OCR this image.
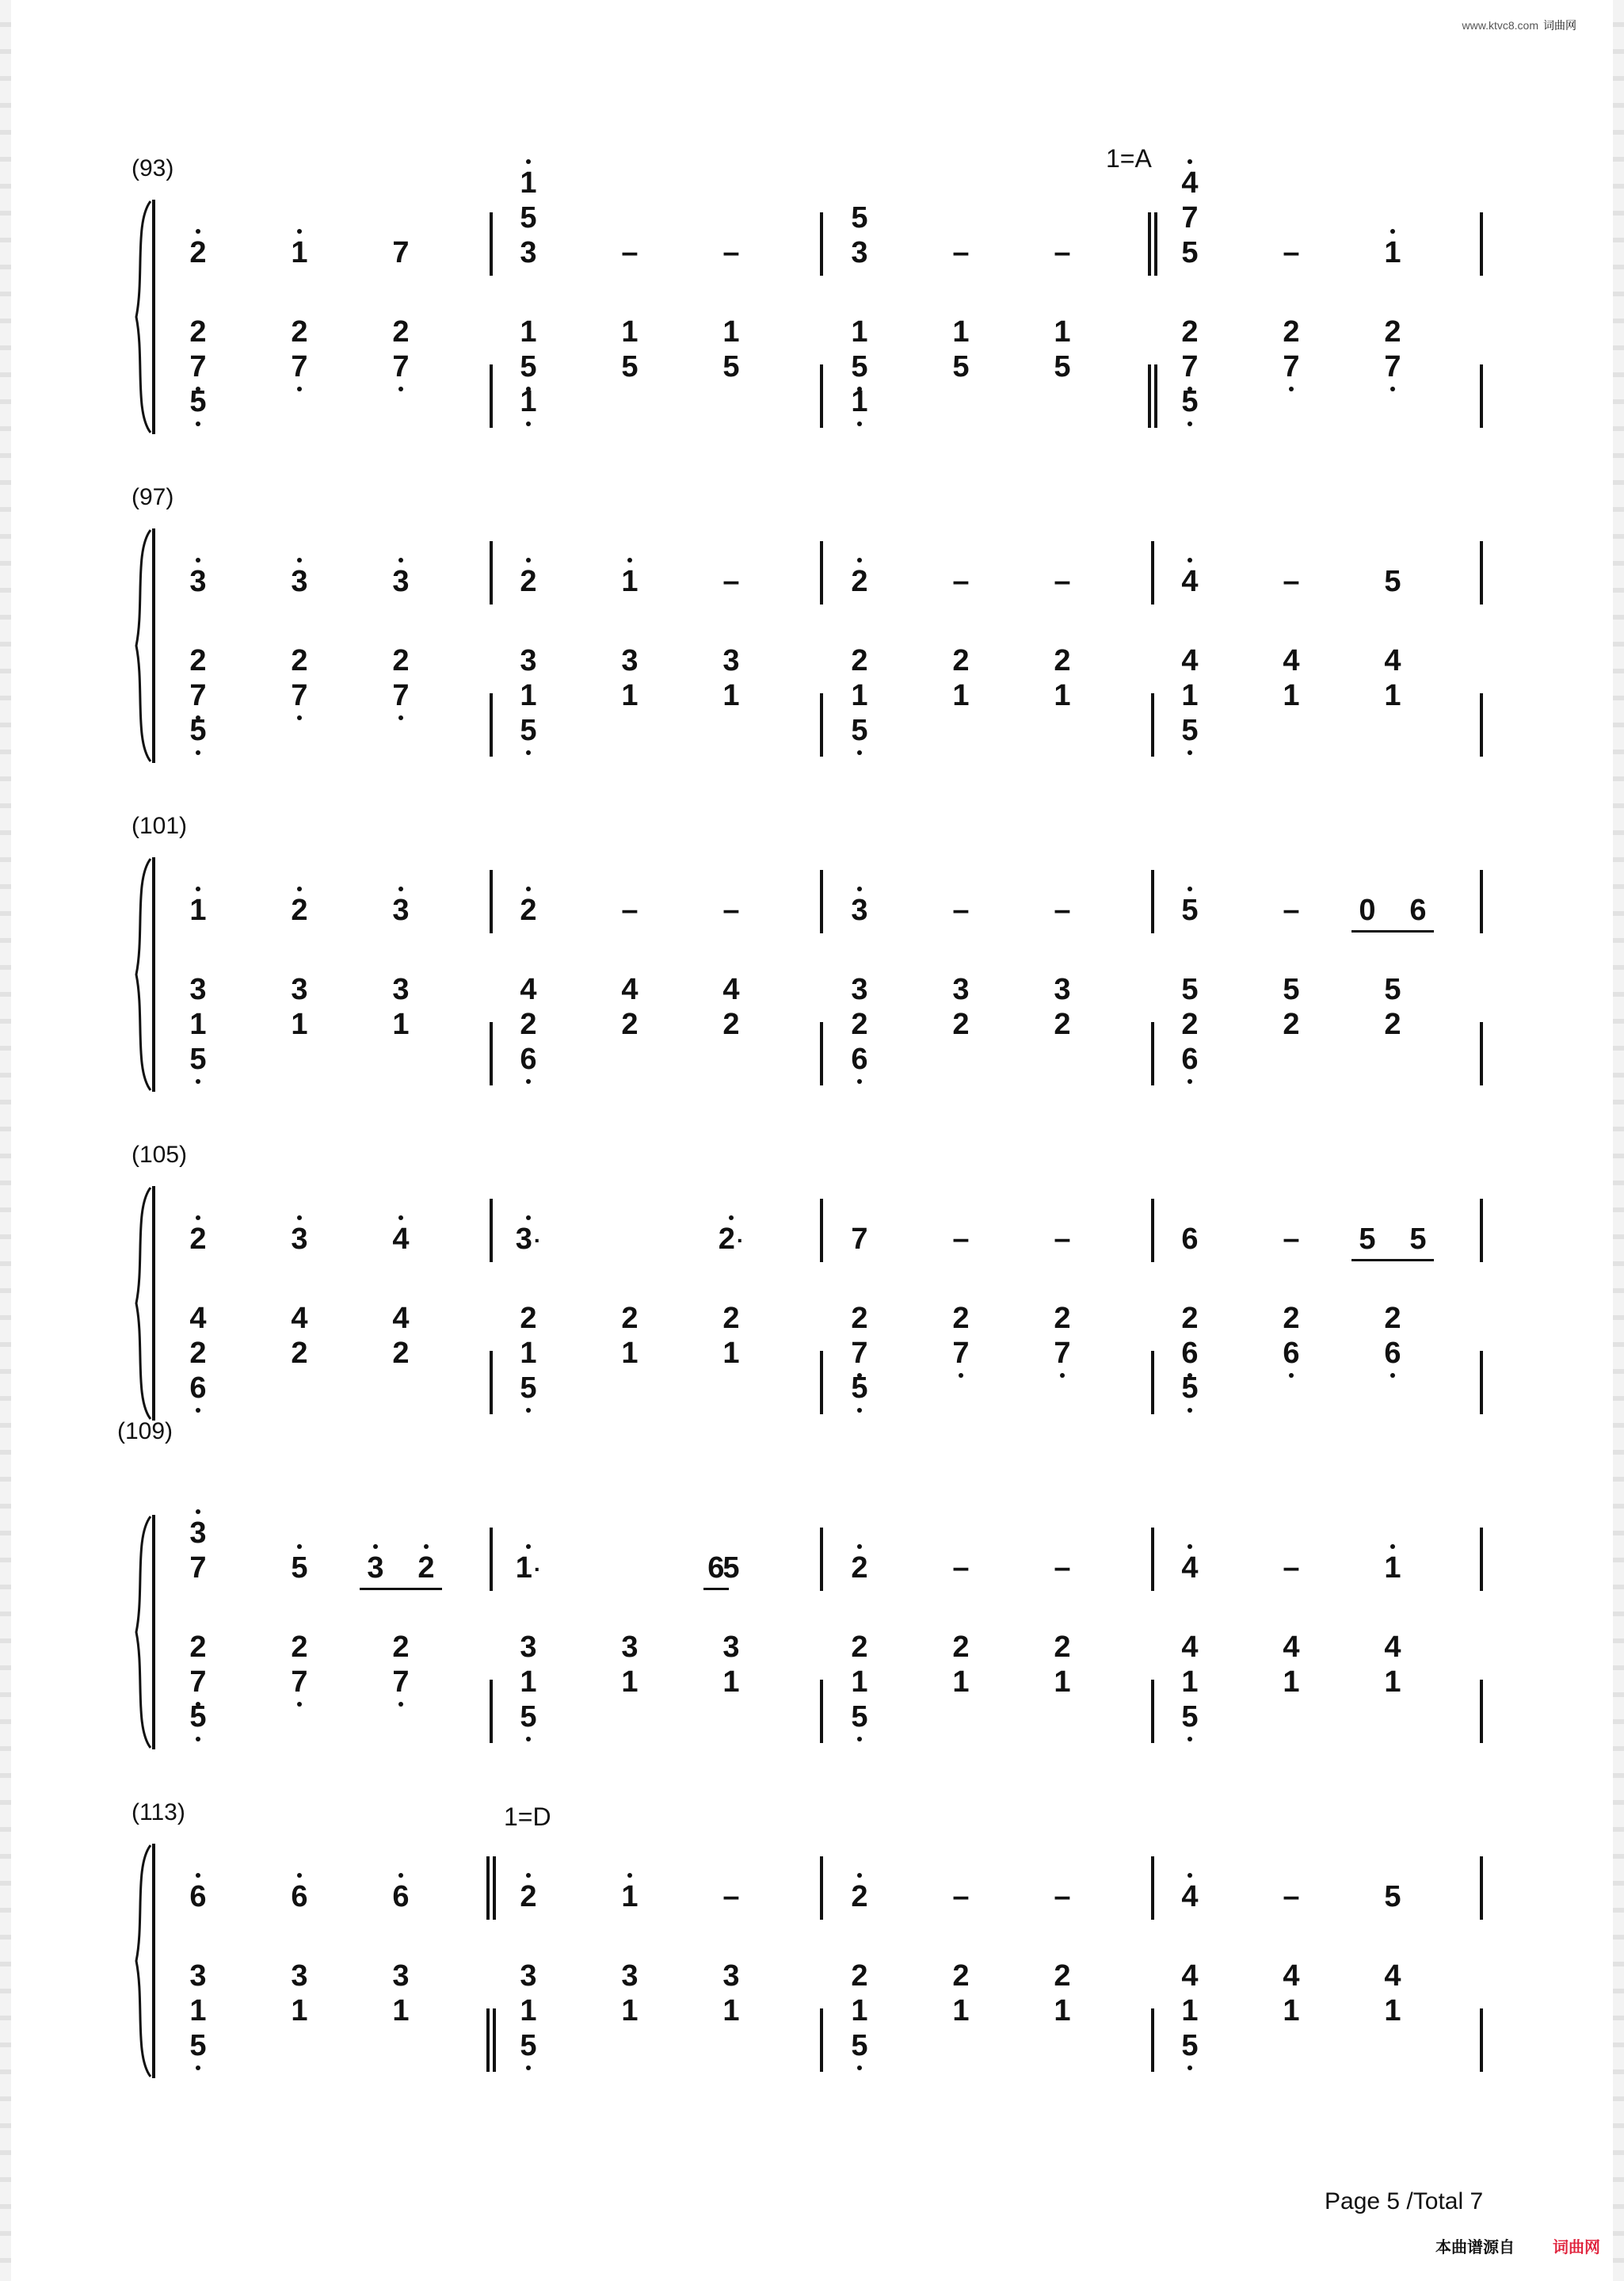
www.ktvc8.com 词曲网
(93)	1=A
2	1	7
1
5
3	–	–
5
3	–	–
4
7
5	–	1
2
7
5
2
7
2
7
1
5
1
1
5
1
5
1
5
1
1
5
1
5
2
7
5
2
7
2
7
(97)
3	3	3	2	1	–	2	–	–	4	–	5
2
7
5
2
7
2
7
3
1
5
3
1
3
1
2
1
5
2
1
2
1
4
1
5
4
1
4
1
(101)
1	2	3	2	–	–	3	–	–	5	–	0	6
3
1
5
3
1
3
1
4
2
6
4
2
4
2
3
2
6
3
2
3
2
5
2
6
5
2
5
2
(105)
2	3	4	3·	2·	7	–	–	6	–	5	5
4
2
6
4
2
4
2
2
1
5
2
1
2
1
2
7
5
2
7
2
7
2
6
5
2
6
2
6
(109)
3
7	5	3	2	1·	6
5	2	–	–	4	–	1
2
7
5
2
7
2
7
3
1
5
3
1
3
1
2
1
5
2
1
2
1
4
1
5
4
1
4
1
(113)	1=D
6	6	6	2	1	–	2	–	–	4	–	5
3
1
5
3
1
3
1
3
1
5
3
1
3
1
2
1
5
2
1
2
1
4
1
5
4
1
4
1
Page 5 /Total 7
本曲谱源自 词曲网
